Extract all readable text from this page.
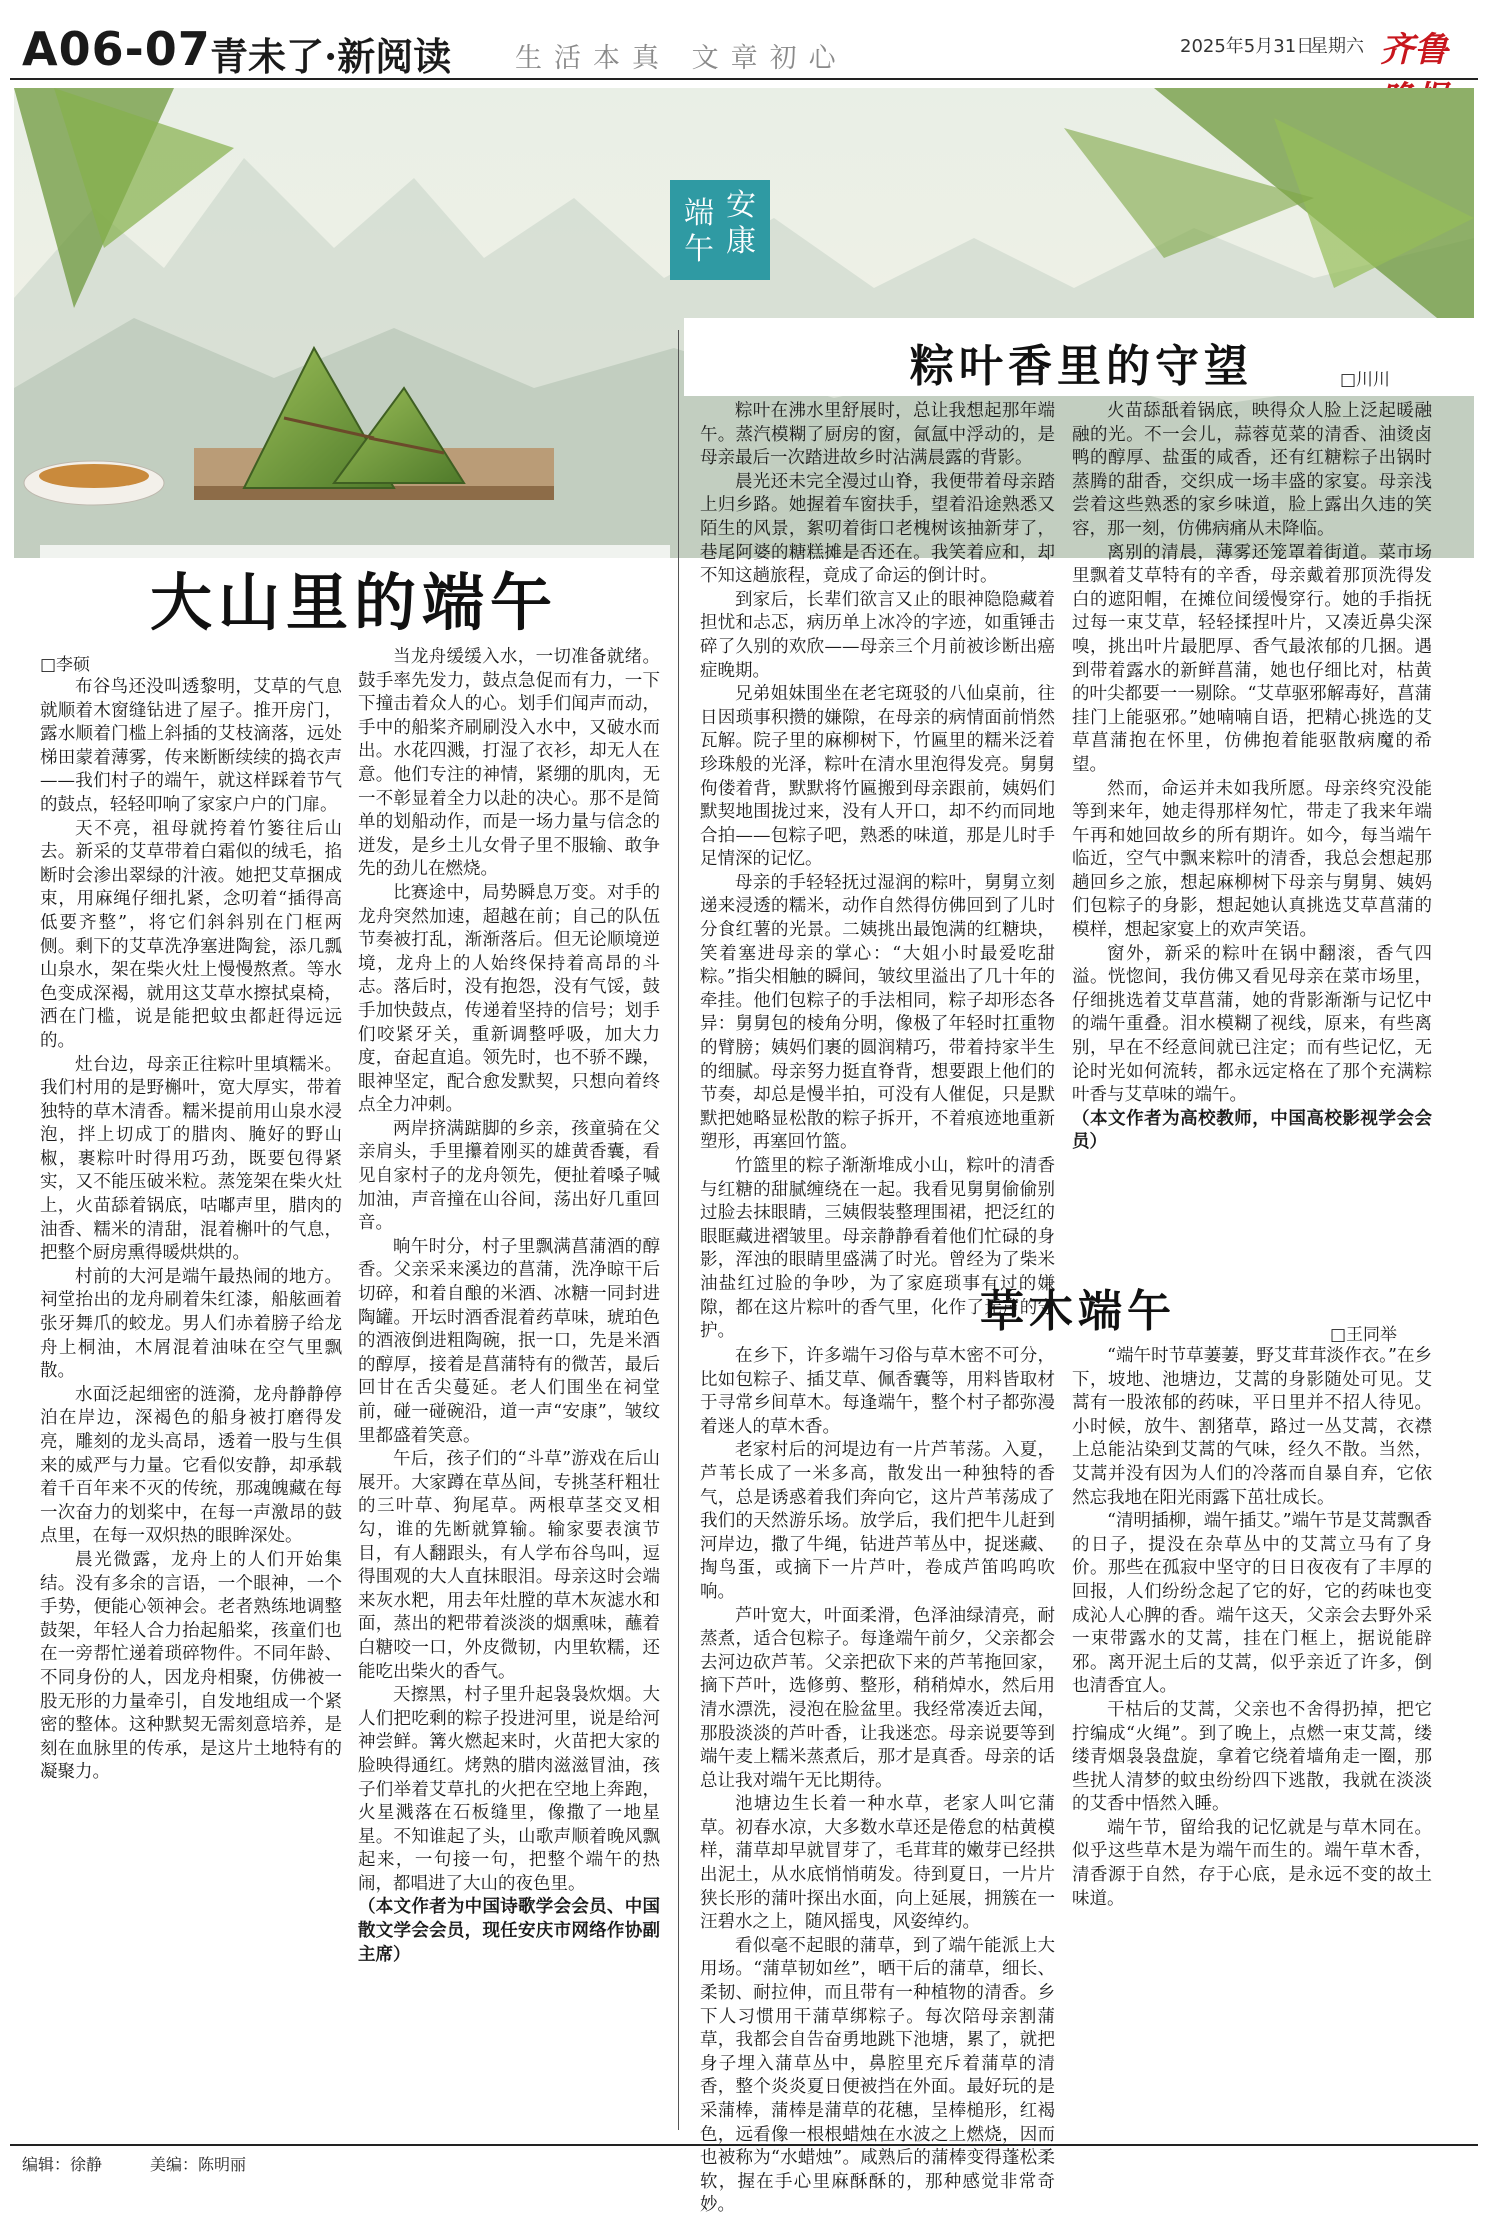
A06-07 青未了·新阅读 生活本真 文章初心	2025年5月31日
星期六 齐鲁
安康
端午
大山里的端午
□李硕

布谷鸟还没叫透黎明，艾草的气息就顺着木窗缝钻进了屋子。推开房门，露水顺着门槛上斜插的艾枝滴落，远处梯田蒙着薄雾，传来断断续续的捣衣声——我们村子的端午，就这样踩着节气的鼓点，轻轻叩响了家家户户的门扉。

天不亮，祖母就挎着竹篓往后山去。新采的艾草带着白霜似的绒毛，掐断时会渗出翠绿的汁液。她把艾草捆成束，用麻绳仔细扎紧，念叨着“插得高低要齐整”，将它们斜斜别在门框两侧。剩下的艾草洗净塞进陶瓮，添几瓢山泉水，架在柴火灶上慢慢熬煮。等水色变成深褐，就用这艾草水擦拭桌椅，洒在门槛，说是能把蚊虫都赶得远远的。

灶台边，母亲正往粽叶里填糯米。我们村用的是野槲叶，宽大厚实，带着独特的草木清香。糯米提前用山泉水浸泡，拌上切成丁的腊肉、腌好的野山椒，裹粽叶时得用巧劲，既要包得紧实，又不能压破米粒。蒸笼架在柴火灶上，火苗舔着锅底，咕嘟声里，腊肉的油香、糯米的清甜，混着槲叶的气息，把整个厨房熏得暖烘烘的。

村前的大河是端午最热闹的地方。祠堂抬出的龙舟刷着朱红漆，船舷画着张牙舞爪的蛟龙。男人们赤着膀子给龙舟上桐油，木屑混着油味在空气里飘散。

水面泛起细密的涟漪，龙舟静静停泊在岸边，深褐色的船身被打磨得发亮，雕刻的龙头高昂，透着一股与生俱来的威严与力量。它看似安静，却承载着千百年来不灭的传统，那魂魄藏在每一次奋力的划桨中，在每一声激昂的鼓点里，在每一双炽热的眼眸深处。

晨光微露，龙舟上的人们开始集结。没有多余的言语，一个眼神，一个手势，便能心领神会。老者熟练地调整鼓架，年轻人合力抬起船桨，孩童们也在一旁帮忙递着琐碎物件。不同年龄、不同身份的人，因龙舟相聚，仿佛被一股无形的力量牵引，自发地组成一个紧密的整体。这种默契无需刻意培养，是刻在血脉里的传承，是这片土地特有的凝聚力。

当龙舟缓缓入水，一切准备就绪。鼓手率先发力，鼓点急促而有力，一下下撞击着众人的心。划手们闻声而动，手中的船桨齐刷刷没入水中，又破水而出。水花四溅，打湿了衣衫，却无人在意。他们专注的神情，紧绷的肌肉，无一不彰显着全力以赴的决心。那不是简单的划船动作，而是一场力量与信念的迸发，是乡土儿女骨子里不服输、敢争先的劲儿在燃烧。

比赛途中，局势瞬息万变。对手的龙舟突然加速，超越在前；自己的队伍节奏被打乱，渐渐落后。但无论顺境逆境，龙舟上的人始终保持着高昂的斗志。落后时，没有抱怨，没有气馁，鼓手加快鼓点，传递着坚持的信号；划手们咬紧牙关，重新调整呼吸，加大力度，奋起直追。领先时，也不骄不躁，眼神坚定，配合愈发默契，只想向着终点全力冲刺。

两岸挤满踮脚的乡亲，孩童骑在父亲肩头，手里攥着刚买的雄黄香囊，看见自家村子的龙舟领先，便扯着嗓子喊加油，声音撞在山谷间，荡出好几重回音。

晌午时分，村子里飘满菖蒲酒的醇香。父亲采来溪边的菖蒲，洗净晾干后切碎，和着自酿的米酒、冰糖一同封进陶罐。开坛时酒香混着药草味，琥珀色的酒液倒进粗陶碗，抿一口，先是米酒的醇厚，接着是菖蒲特有的微苦，最后回甘在舌尖蔓延。老人们围坐在祠堂前，碰一碰碗沿，道一声“安康”，皱纹里都盛着笑意。

午后，孩子们的“斗草”游戏在后山展开。大家蹲在草丛间，专挑茎秆粗壮的三叶草、狗尾草。两根草茎交叉相勾，谁的先断就算输。输家要表演节目，有人翻跟头，有人学布谷鸟叫，逗得围观的大人直抹眼泪。母亲这时会端来灰水粑，用去年灶膛的草木灰滤水和面，蒸出的粑带着淡淡的烟熏味，蘸着白糖咬一口，外皮微韧，内里软糯，还能吃出柴火的香气。

天擦黑，村子里升起袅袅炊烟。大人们把吃剩的粽子投进河里，说是给河神尝鲜。篝火燃起来时，火苗把大家的脸映得通红。烤熟的腊肉滋滋冒油，孩子们举着艾草扎的火把在空地上奔跑，火星溅落在石板缝里，像撒了一地星星。不知谁起了头，山歌声顺着晚风飘起来，一句接一句，把整个端午的热闹，都唱进了大山的夜色里。

（本文作者为中国诗歌学会会员、中国散文学会会员，现任安庆市网络作协副主席）

粽叶香里的守望	□川川

粽叶在沸水里舒展时，总让我想起那年端午。蒸汽模糊了厨房的窗，氤氲中浮动的，是母亲最后一次踏进故乡时沾满晨露的背影。

晨光还未完全漫过山脊，我便带着母亲踏上归乡路。她握着车窗扶手，望着沿途熟悉又陌生的风景，絮叨着街口老槐树该抽新芽了，巷尾阿婆的糖糕摊是否还在。我笑着应和，却不知这趟旅程，竟成了命运的倒计时。

到家后，长辈们欲言又止的眼神隐隐藏着担忧和忐忑，病历单上冰冷的字迹，如重锤击碎了久别的欢欣——母亲三个月前被诊断出癌症晚期。

兄弟姐妹围坐在老宅斑驳的八仙桌前，往日因琐事积攒的嫌隙，在母亲的病情面前悄然瓦解。院子里的麻柳树下，竹匾里的糯米泛着珍珠般的光泽，粽叶在清水里泡得发亮。舅舅佝偻着背，默默将竹匾搬到母亲跟前，姨妈们默契地围拢过来，没有人开口，却不约而同地合拍——包粽子吧，熟悉的味道，那是儿时手足情深的记忆。

母亲的手轻轻抚过湿润的粽叶，舅舅立刻递来浸透的糯米，动作自然得仿佛回到了儿时分食红薯的光景。二姨挑出最饱满的红糖块，笑着塞进母亲的掌心：“大姐小时最爱吃甜粽。”指尖相触的瞬间，皱纹里溢出了几十年的牵挂。他们包粽子的手法相同，粽子却形态各异：舅舅包的棱角分明，像极了年轻时扛重物的臂膀；姨妈们裹的圆润精巧，带着持家半生的细腻。母亲努力挺直脊背，想要跟上他们的节奏，却总是慢半拍，可没有人催促，只是默默把她略显松散的粽子拆开，不着痕迹地重新塑形，再塞回竹篮。

竹篮里的粽子渐渐堆成小山，粽叶的清香与红糖的甜腻缠绕在一起。我看见舅舅偷偷别过脸去抹眼睛，三姨假装整理围裙，把泛红的眼眶藏进褶皱里。母亲静静看着他们忙碌的身影，浑浊的眼睛里盛满了时光。曾经为了柴米油盐红过脸的争吵，为了家庭琐事有过的嫌隙，都在这片粽叶的香气里，化作了无声的守护。

火苗舔舐着锅底，映得众人脸上泛起暖融融的光。不一会儿，蒜蓉苋菜的清香、油烫卤鸭的醇厚、盐蛋的咸香，还有红糖粽子出锅时蒸腾的甜香，交织成一场丰盛的家宴。母亲浅尝着这些熟悉的家乡味道，脸上露出久违的笑容，那一刻，仿佛病痛从未降临。

离别的清晨，薄雾还笼罩着街道。菜市场里飘着艾草特有的辛香，母亲戴着那顶洗得发白的遮阳帽，在摊位间缓慢穿行。她的手指抚过每一束艾草，轻轻揉捏叶片，又凑近鼻尖深嗅，挑出叶片最肥厚、香气最浓郁的几捆。遇到带着露水的新鲜菖蒲，她也仔细比对，枯黄的叶尖都要一一剔除。“艾草驱邪解毒好，菖蒲挂门上能驱邪。”她喃喃自语，把精心挑选的艾草菖蒲抱在怀里，仿佛抱着能驱散病魔的希望。

然而，命运并未如我所愿。母亲终究没能等到来年，她走得那样匆忙，带走了我来年端午再和她回故乡的所有期许。如今，每当端午临近，空气中飘来粽叶的清香，我总会想起那趟回乡之旅，想起麻柳树下母亲与舅舅、姨妈们包粽子的身影，想起她认真挑选艾草菖蒲的模样，想起家宴上的欢声笑语。

窗外，新采的粽叶在锅中翻滚，香气四溢。恍惚间，我仿佛又看见母亲在菜市场里，仔细挑选着艾草菖蒲，她的背影渐渐与记忆中的端午重叠。泪水模糊了视线，原来，有些离别，早在不经意间就已注定；而有些记忆，无论时光如何流转，都永远定格在了那个充满粽叶香与艾草味的端午。

（本文作者为高校教师，中国高校影视学会会员）

草木端午	□王同举

在乡下，许多端午习俗与草木密不可分，比如包粽子、插艾草、佩香囊等，用料皆取材于寻常乡间草木。每逢端午，整个村子都弥漫着迷人的草木香。

老家村后的河堤边有一片芦苇荡。入夏，芦苇长成了一米多高，散发出一种独特的香气，总是诱惑着我们奔向它，这片芦苇荡成了我们的天然游乐场。放学后，我们把牛儿赶到河岸边，撒了牛绳，钻进芦苇丛中，捉迷藏、掏鸟蛋，或摘下一片芦叶，卷成芦笛呜呜吹响。

芦叶宽大，叶面柔滑，色泽油绿清亮，耐蒸煮，适合包粽子。每逢端午前夕，父亲都会去河边砍芦苇。父亲把砍下来的芦苇拖回家，摘下芦叶，选修剪、整形，稍稍焯水，然后用清水漂洗，浸泡在脸盆里。我经常凑近去闻，那股淡淡的芦叶香，让我迷恋。母亲说要等到端午麦上糯米蒸煮后，那才是真香。母亲的话总让我对端午无比期待。

池塘边生长着一种水草，老家人叫它蒲草。初春水凉，大多数水草还是倦怠的枯黄模样，蒲草却早就冒芽了，毛茸茸的嫩芽已经拱出泥土，从水底悄悄萌发。待到夏日，一片片狭长形的蒲叶探出水面，向上延展，拥簇在一汪碧水之上，随风摇曳，风姿绰约。

看似毫不起眼的蒲草，到了端午能派上大用场。“蒲草韧如丝”，晒干后的蒲草，细长、柔韧、耐拉伸，而且带有一种植物的清香。乡下人习惯用干蒲草绑粽子。每次陪母亲割蒲草，我都会自告奋勇地跳下池塘，累了，就把身子埋入蒲草丛中，鼻腔里充斥着蒲草的清香，整个炎炎夏日便被挡在外面。最好玩的是采蒲棒，蒲棒是蒲草的花穗，呈棒槌形，红褐色，远看像一根根蜡烛在水波之上燃烧，因而也被称为“水蜡烛”。咸熟后的蒲棒变得蓬松柔软，握在手心里麻酥酥的，那种感觉非常奇妙。

“端午时节草萋萋，野艾茸茸淡作衣。”在乡下，坡地、池塘边，艾蒿的身影随处可见。艾蒿有一股浓郁的药味，平日里并不招人待见。小时候，放牛、割猪草，路过一丛艾蒿，衣襟上总能沾染到艾蒿的气味，经久不散。当然，艾蒿并没有因为人们的冷落而自暴自弃，它依然忘我地在阳光雨露下茁壮成长。

“清明插柳，端午插艾。”端午节是艾蒿飘香的日子，提没在杂草丛中的艾蒿立马有了身价。那些在孤寂中坚守的日日夜夜有了丰厚的回报，人们纷纷念起了它的好，它的药味也变成沁人心脾的香。端午这天，父亲会去野外采一束带露水的艾蒿，挂在门框上，据说能辟邪。离开泥土后的艾蒿，似乎亲近了许多，倒也清香宜人。

干枯后的艾蒿，父亲也不舍得扔掉，把它拧编成“火绳”。到了晚上，点燃一束艾蒿，缕缕青烟袅袅盘旋，拿着它绕着墙角走一圈，那些扰人清梦的蚊虫纷纷四下逃散，我就在淡淡的艾香中悟然入睡。

端午节，留给我的记忆就是与草木同在。似乎这些草木是为端午而生的。端午草木香，清香源于自然，存于心底，是永远不变的故土味道。

编辑：徐静	美编：陈明丽
